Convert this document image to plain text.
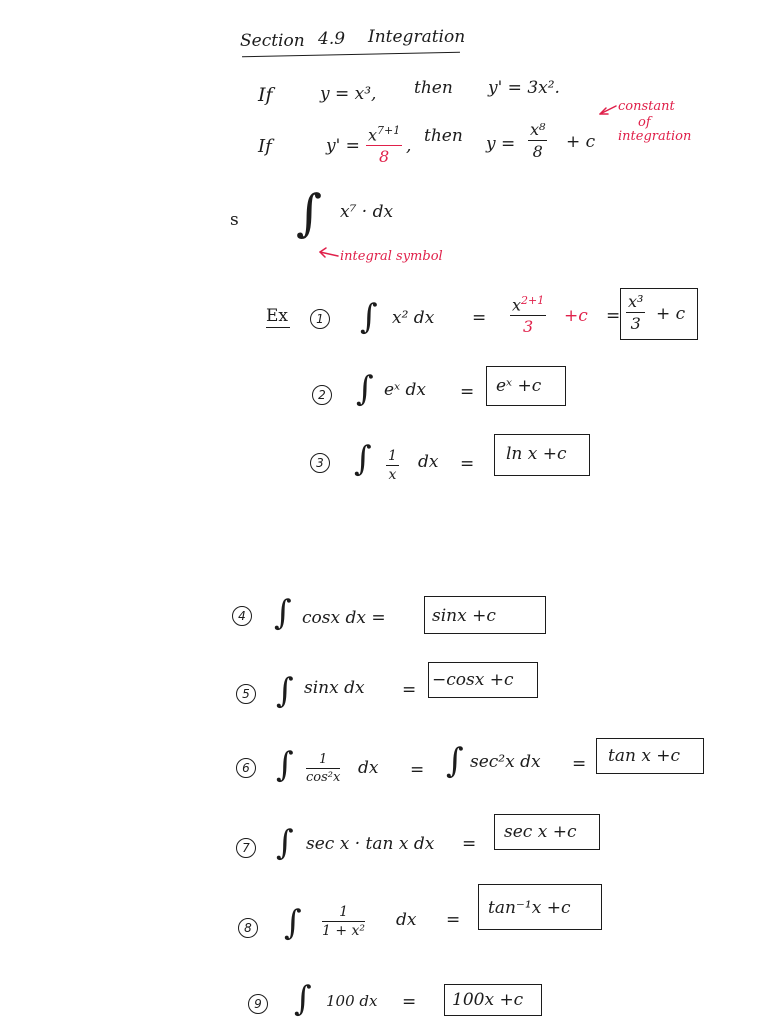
Section 4.9 Integration
If	y = x³, then y' = 3x².
If	$y' = \frac{x^{7+1}}{8}$ , then $y = \frac{\text{x⁸}}{8} + c$
constant
of
integration
s ∫ x⁷ · dx
integral symbol
Ex	1 ∫ x² dx = $\frac{x^{2+1}}{3} +c = \frac{\text{x³}}{3} + c$
2 ∫ eˣ dx = eˣ +c
3 ∫ $\frac{1}{x}$ dx = ln x +c
4 ∫ cosx dx =	sinx +c
5 ∫ sinx dx = −cosx +c
6 ∫ $\frac{1}{\text{cos²x}}$ dx = ∫ sec²x dx = tan x +c
7 ∫ sec x · tan x dx =
sec x +c
8 ∫ $\frac{1}{\text{1 + x²}}$ dx =
tan⁻¹x +c
9 ∫ 100 dx = 100x +c
